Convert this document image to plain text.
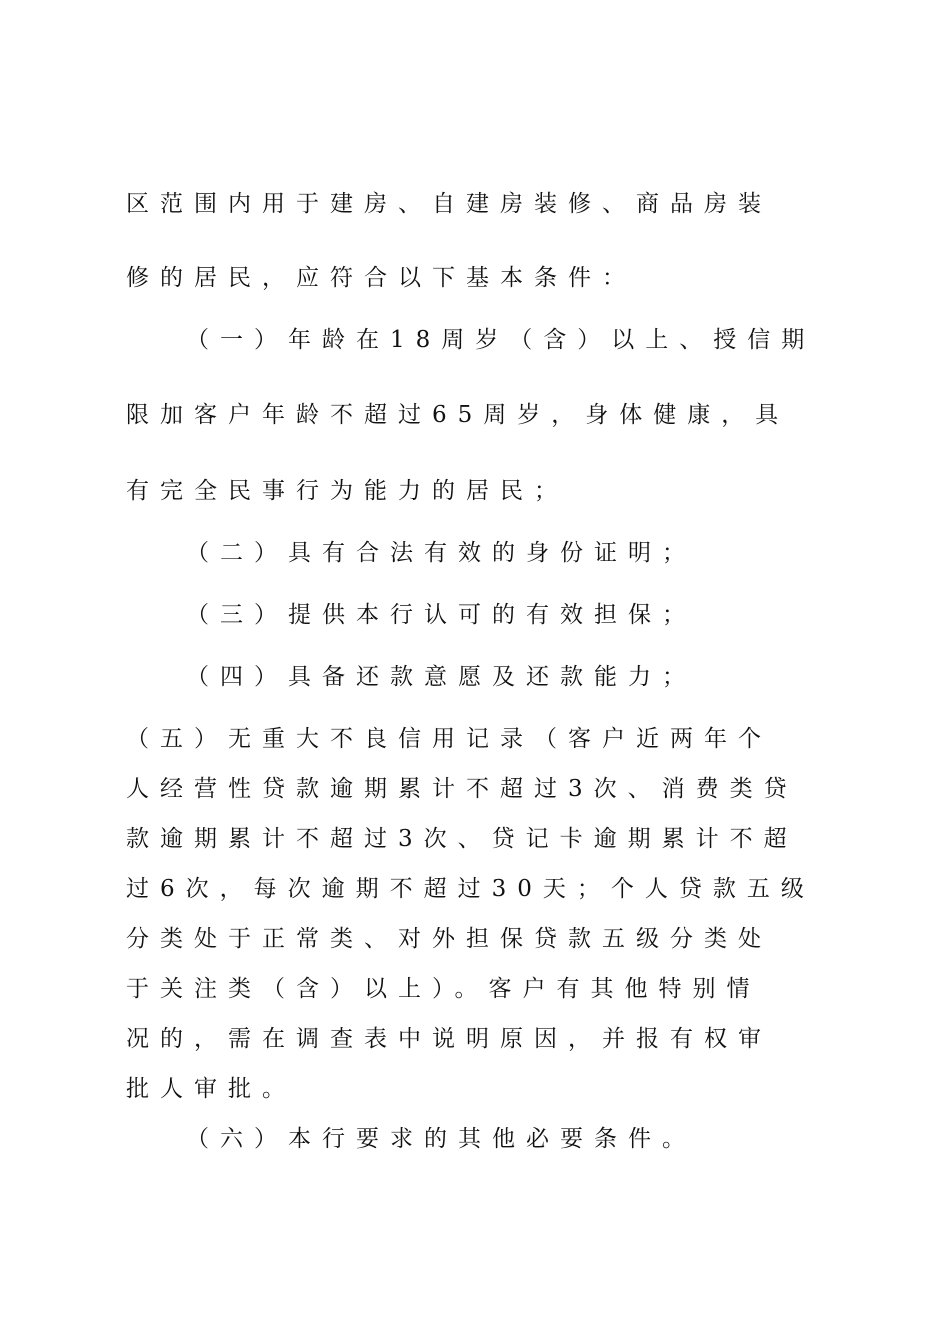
区范围内用于建房、自建房装修、商品房装
修的居民，应符合以下基本条件：
（一）年龄在18周岁（含）以上、授信期
限加客户年龄不超过65周岁，身体健康，具
有完全民事行为能力的居民；
（二）具有合法有效的身份证明；
（三）提供本行认可的有效担保；
（四）具备还款意愿及还款能力；
（五）无重大不良信用记录（客户近两年个
人经营性贷款逾期累计不超过3次、消费类贷
款逾期累计不超过3次、贷记卡逾期累计不超
过6次，每次逾期不超过30天；个人贷款五级
分类处于正常类、对外担保贷款五级分类处
于关注类（含）以上）。客户有其他特别情
况的，需在调查表中说明原因，并报有权审
批人审批。
（六）本行要求的其他必要条件。
